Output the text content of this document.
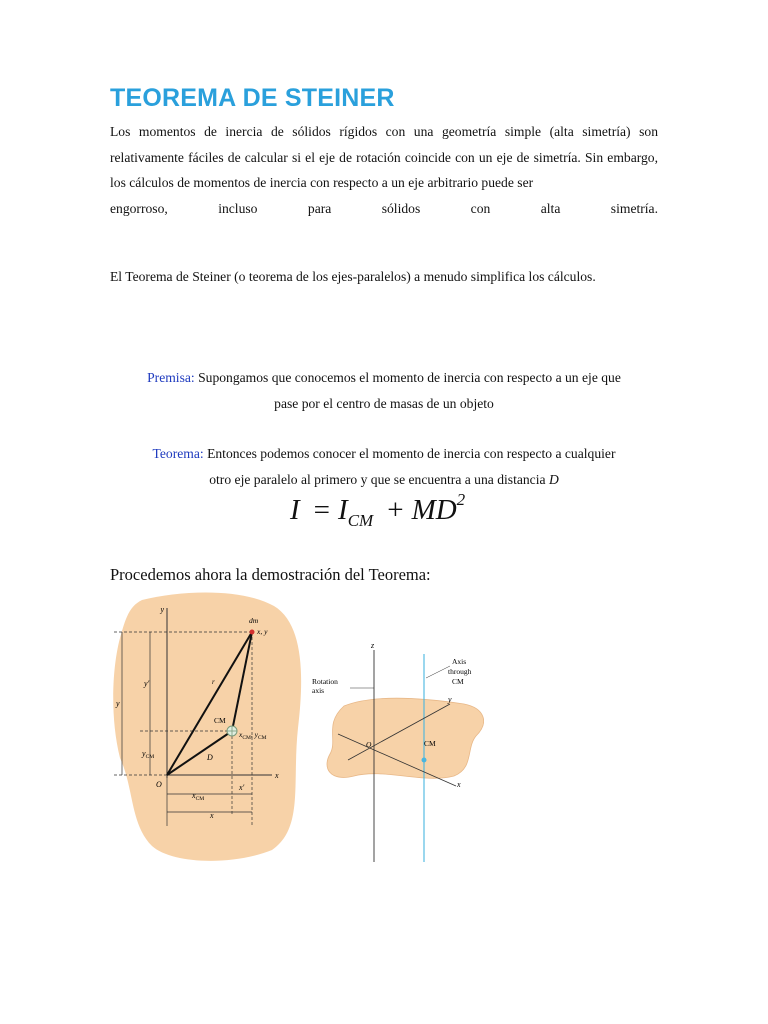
TEOREMA DE STEINER
Los momentos de inercia de sólidos rígidos con una geometría simple (alta simetría) son relativamente fáciles de calcular si el eje de rotación coincide con un eje de simetría. Sin embargo, los cálculos de momentos de inercia con respecto a un eje arbitrario puede ser
engorroso, incluso para sólidos con alta simetría.
El Teorema de Steiner (o teorema de los ejes-paralelos) a menudo simplifica los cálculos.
Premisa: Supongamos que conocemos el momento de inercia con respecto a un eje que
pase por el centro de masas de un objeto
Teorema: Entonces podemos conocer el momento de inercia con respecto a cualquier
otro eje paralelo al primero y que se encuentra a una distancia D
$I = I_{CM} + MD^2$
Procedemos ahora la demostración del Teorema:
y
x
O
dm
x, y
r
CM
$x_{CM}$, $y_{CM}$
D
y
y′
$y_{CM}$
$x_{CM}$
x′
x
z
Rotation
axis
Axis
through
CM
y
O	CM
x
